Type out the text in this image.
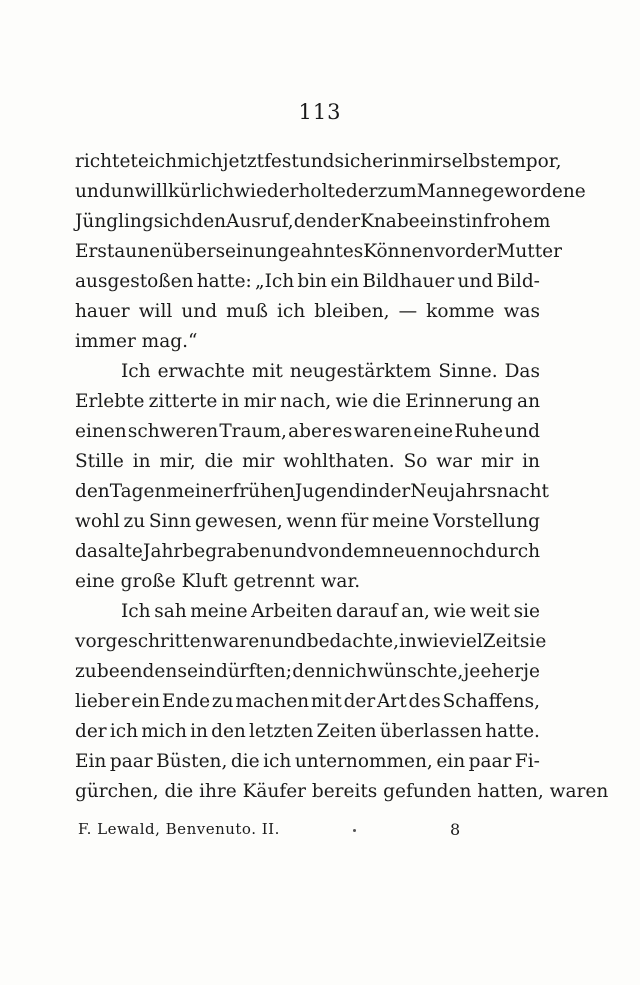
113
richtete ich mich jetzt fest und sicher in mir selbst empor,
und unwillkürlich wiederholte der zum Manne gewordene
Jüngling sich den Ausruf, den der Knabe einst in frohem
Erstaunen über sein ungeahntes Können vor der Mutter
ausgestoßen hatte: „Ich bin ein Bildhauer und Bild-
hauer will und muß ich bleiben, — komme was
immer mag.“
Ich erwachte mit neugestärktem Sinne. Das
Erlebte zitterte in mir nach, wie die Erinnerung an
einen schweren Traum, aber es waren eine Ruhe und
Stille in mir, die mir wohlthaten. So war mir in
den Tagen meiner frühen Jugend in der Neujahrsnacht
wohl zu Sinn gewesen, wenn für meine Vorstellung
das alte Jahr begraben und von dem neuen noch durch
eine große Kluft getrennt war.
Ich sah meine Arbeiten darauf an, wie weit sie
vorgeschritten waren und bedachte, in wie viel Zeit sie
zu beenden sein dürften; denn ich wünschte, je eher je
lieber ein Ende zu machen mit der Art des Schaffens,
der ich mich in den letzten Zeiten überlassen hatte.
Ein paar Büsten, die ich unternommen, ein paar Fi-
gürchen, die ihre Käufer bereits gefunden hatten, waren
F. Lewald, Benvenuto. II.	8
